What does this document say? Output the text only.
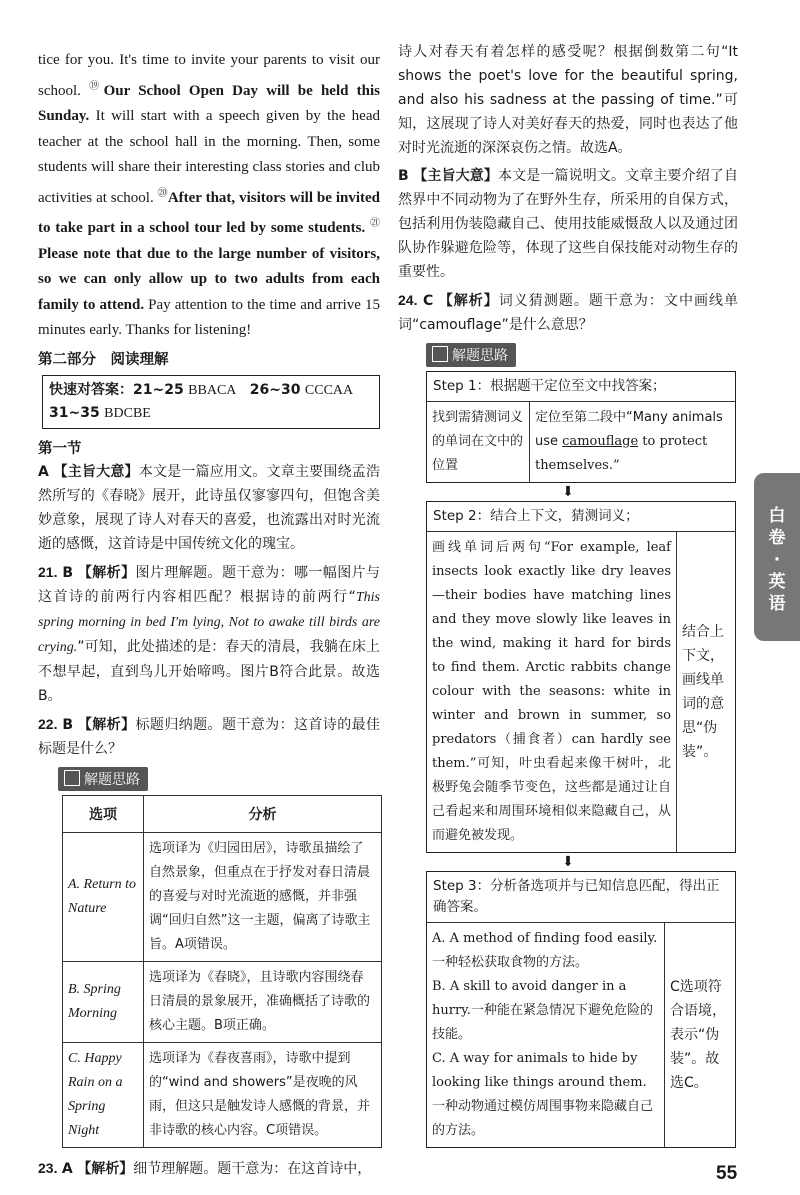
tice for you. It's time to invite your parents to visit our school. ⑲Our School Open Day will be held this Sunday. It will start with a speech given by the head teacher at the school hall in the morning. Then, some students will share their interesting class stories and club activities at school. ⑳After that, visitors will be invited to take part in a school tour led by some students. $^㉑$Please note that due to the large number of visitors, so we can only allow up to two adults from each family to attend. Pay attention to the time and arrive 15 minutes early. Thanks for listening!

第二部分　阅读理解

快速对答案：21~25 BBACA 26~30 CCCAA
31~35 BDCBE

第一节

A 【主旨大意】本文是一篇应用文。文章主要围绕孟浩然所写的《春晓》展开，此诗虽仅寥寥四句，但饱含美妙意象，展现了诗人对春天的喜爱，也流露出对时光流逝的感慨，这首诗是中国传统文化的瑰宝。

21. B 【解析】图片理解题。题干意为：哪一幅图片与这首诗的前两行内容相匹配？根据诗的前两行“This spring morning in bed I'm lying, Not to awake till birds are crying.”可知，此处描述的是：春天的清晨，我躺在床上不想早起，直到鸟儿开始啼鸣。图片B符合此景。故选B。

22. B 【解析】标题归纳题。题干意为：这首诗的最佳标题是什么？

解题思路
选项	分析
A. Return to Nature	选项译为《归园田居》，诗歌虽描绘了自然景象，但重点在于抒发对春日清晨的喜爱与对时光流逝的感慨，并非强调“回归自然”这一主题，偏离了诗歌主旨。A项错误。
B. Spring Morning	选项译为《春晓》，且诗歌内容围绕春日清晨的景象展开，准确概括了诗歌的核心主题。B项正确。
C. Happy Rain on a Spring Night	选项译为《春夜喜雨》，诗歌中提到的“wind and showers”是夜晚的风雨，但这只是触发诗人感慨的背景，并非诗歌的核心内容。C项错误。

23. A 【解析】细节理解题。题干意为：在这首诗中，

诗人对春天有着怎样的感受呢？根据倒数第二句“It shows the poet's love for the beautiful spring, and also his sadness at the passing of time.”可知，这展现了诗人对美好春天的热爱，同时也表达了他对时光流逝的深深哀伤之情。故选A。

B 【主旨大意】本文是一篇说明文。文章主要介绍了自然界中不同动物为了在野外生存，所采用的自保方式，包括利用伪装隐藏自己、使用技能威慑敌人以及通过团队协作躲避危险等，体现了这些自保技能对动物生存的重要性。

24. C 【解析】词义猜测题。题干意为：文中画线单词“camouflage”是什么意思？

解题思路
Step 1：根据题干定位至文中找答案；
找到需猜测词义的单词在文中的位置	定位至第二段中“Many animals use camouflage to protect themselves.”
⬇
Step 2：结合上下文，猜测词义；
画线单词后两句“For example, leaf insects look exactly like dry leaves—their bodies have matching lines and they move slowly like leaves in the wind, making it hard for birds to find them. Arctic rabbits change colour with the seasons: white in winter and brown in summer, so predators（捕食者）can hardly see them.”可知，叶虫看起来像干树叶，北极野兔会随季节变色，这些都是通过让自己看起来和周围环境相似来隐藏自己，从而避免被发现。	结合上下文，画线单词的意思“伪装”。
⬇
Step 3：分析备选项并与已知信息匹配，得出正确答案。
A. A method of finding food easily.一种轻松获取食物的方法。
B. A skill to avoid danger in a hurry.一种能在紧急情况下避免危险的技能。
C. A way for animals to hide by looking like things around them.一种动物通过模仿周围事物来隐藏自己的方法。	C选项符合语境，表示“伪装”。故选C。
白
卷
·
英
语
55
